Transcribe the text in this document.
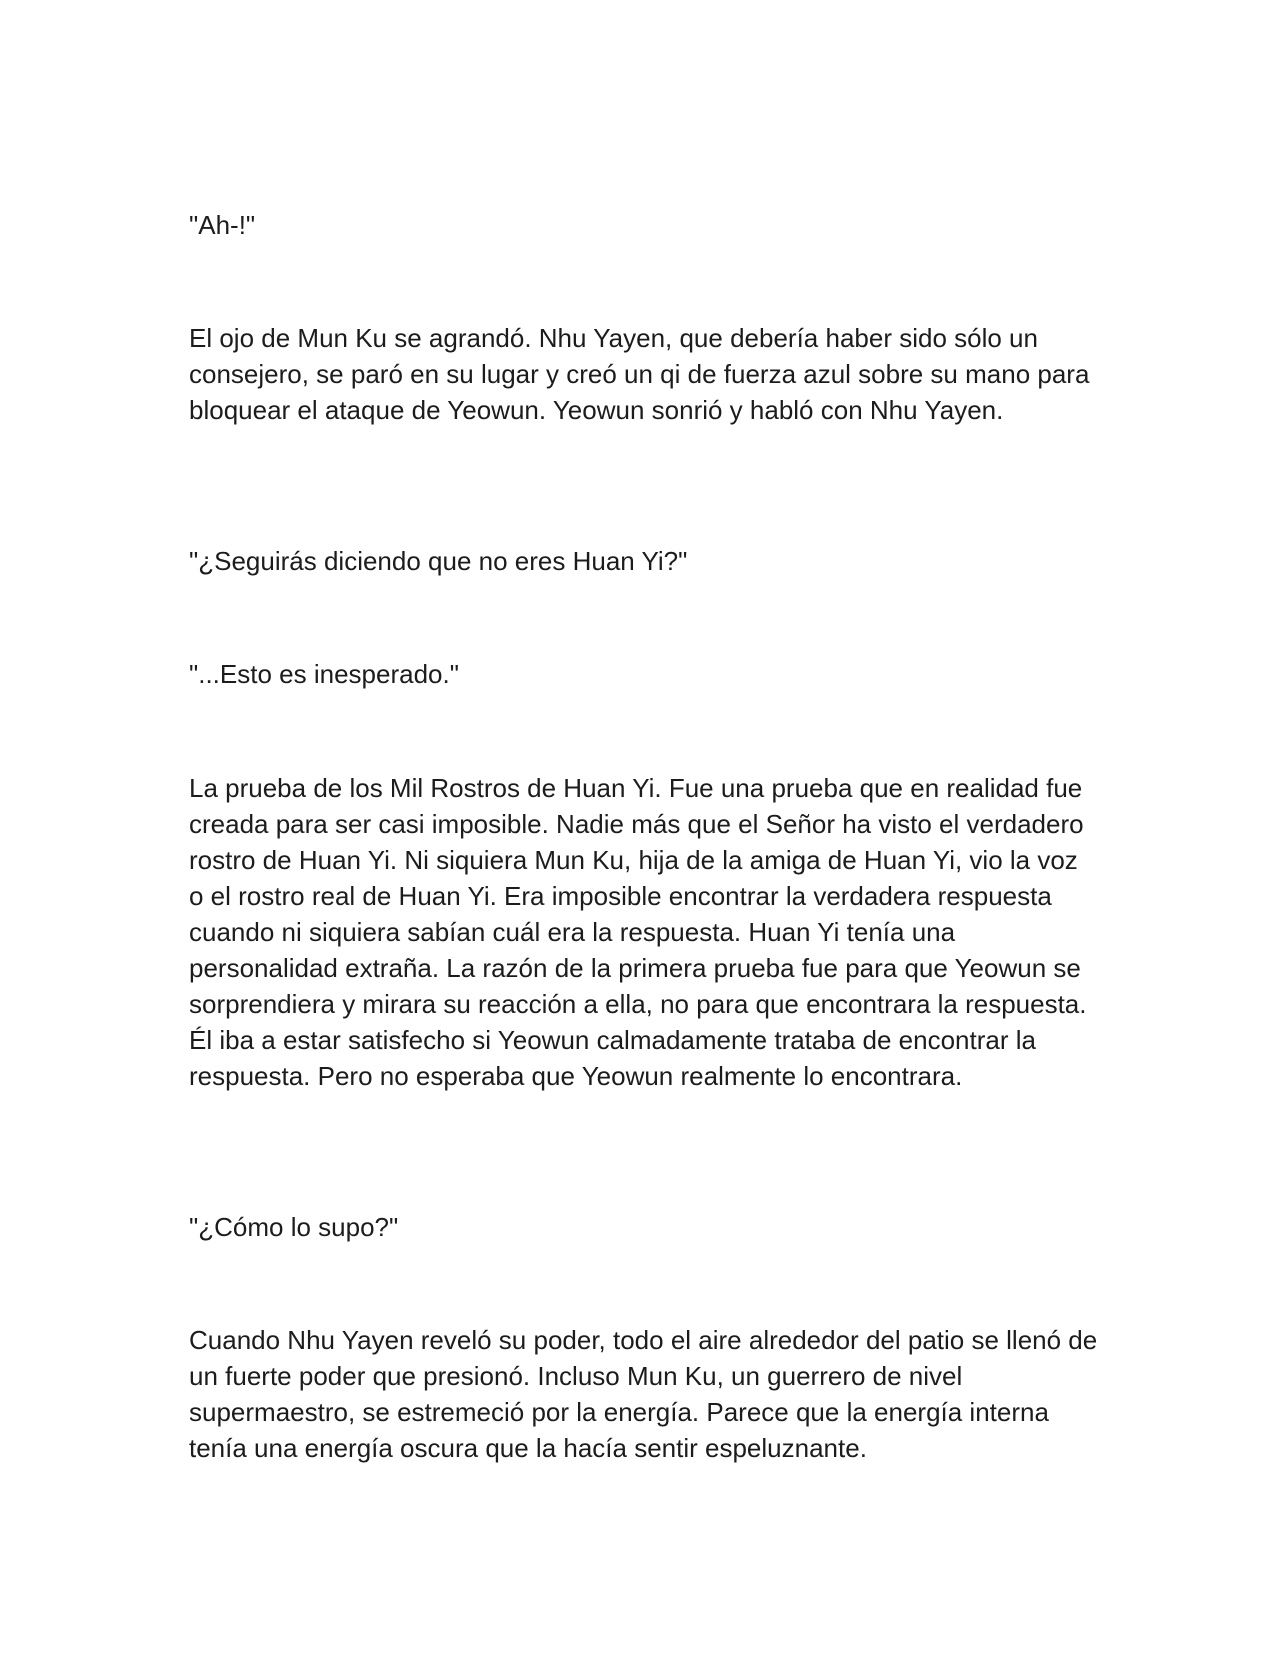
"Ah-!"

El ojo de Mun Ku se agrandó. Nhu Yayen, que debería haber sido sólo un consejero, se paró en su lugar y creó un qi de fuerza azul sobre su mano para bloquear el ataque de Yeowun. Yeowun sonrió y habló con Nhu Yayen.

"¿Seguirás diciendo que no eres Huan Yi?"

"...Esto es inesperado."

La prueba de los Mil Rostros de Huan Yi. Fue una prueba que en realidad fue creada para ser casi imposible. Nadie más que el Señor ha visto el verdadero rostro de Huan Yi. Ni siquiera Mun Ku, hija de la amiga de Huan Yi, vio la voz o el rostro real de Huan Yi. Era imposible encontrar la verdadera respuesta cuando ni siquiera sabían cuál era la respuesta. Huan Yi tenía una personalidad extraña. La razón de la primera prueba fue para que Yeowun se sorprendiera y mirara su reacción a ella, no para que encontrara la respuesta. Él iba a estar satisfecho si Yeowun calmadamente trataba de encontrar la respuesta. Pero no esperaba que Yeowun realmente lo encontrara.

"¿Cómo lo supo?"

Cuando Nhu Yayen reveló su poder, todo el aire alrededor del patio se llenó de un fuerte poder que presionó. Incluso Mun Ku, un guerrero de nivel supermaestro, se estremeció por la energía. Parece que la energía interna tenía una energía oscura que la hacía sentir espeluznante.
